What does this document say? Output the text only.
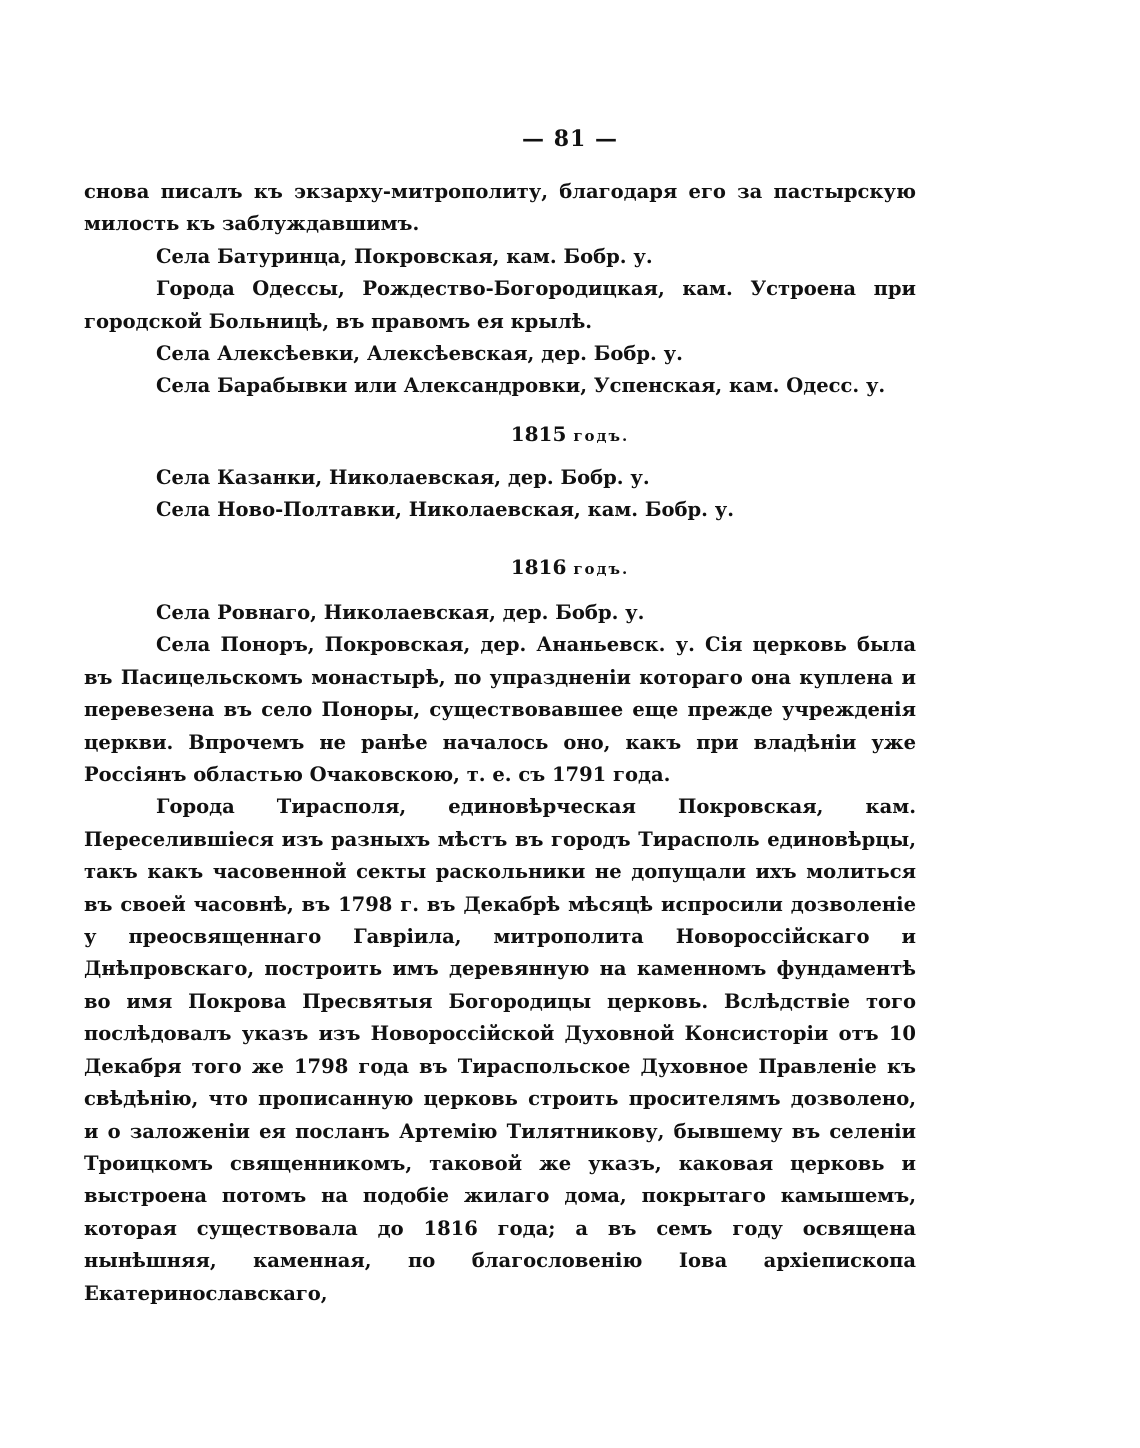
— 81 —

снова писалъ къ экзарху-митрополиту, благодаря его за пастырскую милость къ заблуждавшимъ.

Села Батуринца, Покровская, кам. Бобр. у.

Города Одессы, Рождество-Богородицкая, кам. Устроена при городской Больницѣ, въ правомъ ея крылѣ.

Села Алексѣевки, Алексѣевская, дер. Бобр. у.

Села Барабывки или Александровки, Успенская, кам. Одесс. у.

1815 годъ.

Села Казанки, Николаевская, дер. Бобр. у.

Села Ново-Полтавки, Николаевская, кам. Бобр. у.

1816 годъ.

Села Ровнаго, Николаевская, дер. Бобр. у.

Села Поноръ, Покровская, дер. Ананьевск. у. Сія церковь была въ Пасицельскомъ монастырѣ, по упраздненіи котораго она куплена и перевезена въ село Поноры, существовавшее еще прежде учрежденія церкви. Впрочемъ не ранѣе началось оно, какъ при владѣніи уже Россіянъ областью Очаковскою, т. е. съ 1791 года.

Города Тирасполя, единовѣрческая Покровская, кам. Переселившіеся изъ разныхъ мѣстъ въ городъ Тирасполь единовѣрцы, такъ какъ часовенной секты раскольники не допущали ихъ молиться въ своей часовнѣ, въ 1798 г. въ Декабрѣ мѣсяцѣ испросили дозволеніе у преосвященнаго Гавріила, митрополита Новороссійскаго и Днѣпровскаго, построить имъ деревянную на каменномъ фундаментѣ во имя Покрова Пресвятыя Богородицы церковь. Вслѣдствіе того послѣдовалъ указъ изъ Новороссійской Духовной Консисторіи отъ 10 Декабря того же 1798 года въ Тираспольское Духовное Правленіе къ свѣдѣнію, что прописанную церковь строить просителямъ дозволено, и о заложеніи ея посланъ Артемію Тилятникову, бывшему въ селеніи Троицкомъ священникомъ, таковой же указъ, каковая церковь и выстроена потомъ на подобіе жилаго дома, покрытаго камышемъ, которая существовала до 1816 года; а въ семъ году освящена нынѣшняя, каменная, по благословенію Іова архіепископа Екатеринославскаго,
